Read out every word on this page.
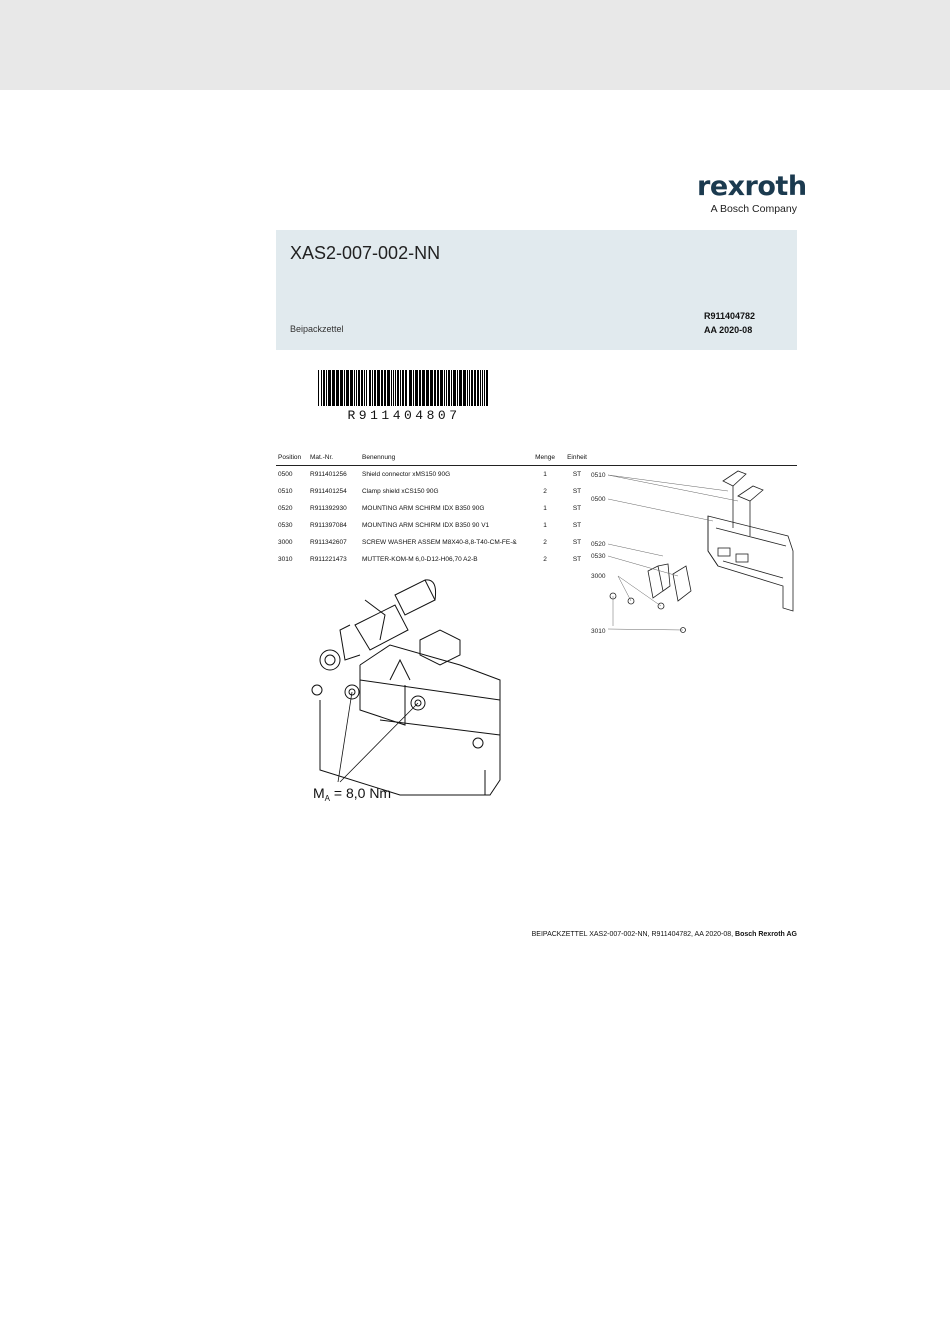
rexroth
A Bosch Company
XAS2-007-002-NN
Beipackzettel
R911404782
AA 2020-08
R911404807
Position	Mat.-Nr.	Benennung	Menge	Einheit
0500	R911401256	Shield connector xMS150 90G	1	ST
0510	R911401254	Clamp shield xCS150 90G	2	ST
0520	R911392930	MOUNTING ARM SCHIRM IDX B350 90G	1	ST
0530	R911397084	MOUNTING ARM SCHIRM IDX B350 90 V1	1	ST
3000	R911342607	SCREW WASHER ASSEM M8X40-8,8-T40-CM-FE-&	2	ST
3010	R911221473	MUTTER-KOM-M 6,0-D12-H06,70 A2-B	2	ST
0510
0500
0520
0530
3000
3010
$M_A = 8,0$ Nm
BEIPACKZETTEL XAS2-007-002-NN, R911404782, AA 2020-08, Bosch Rexroth AG
